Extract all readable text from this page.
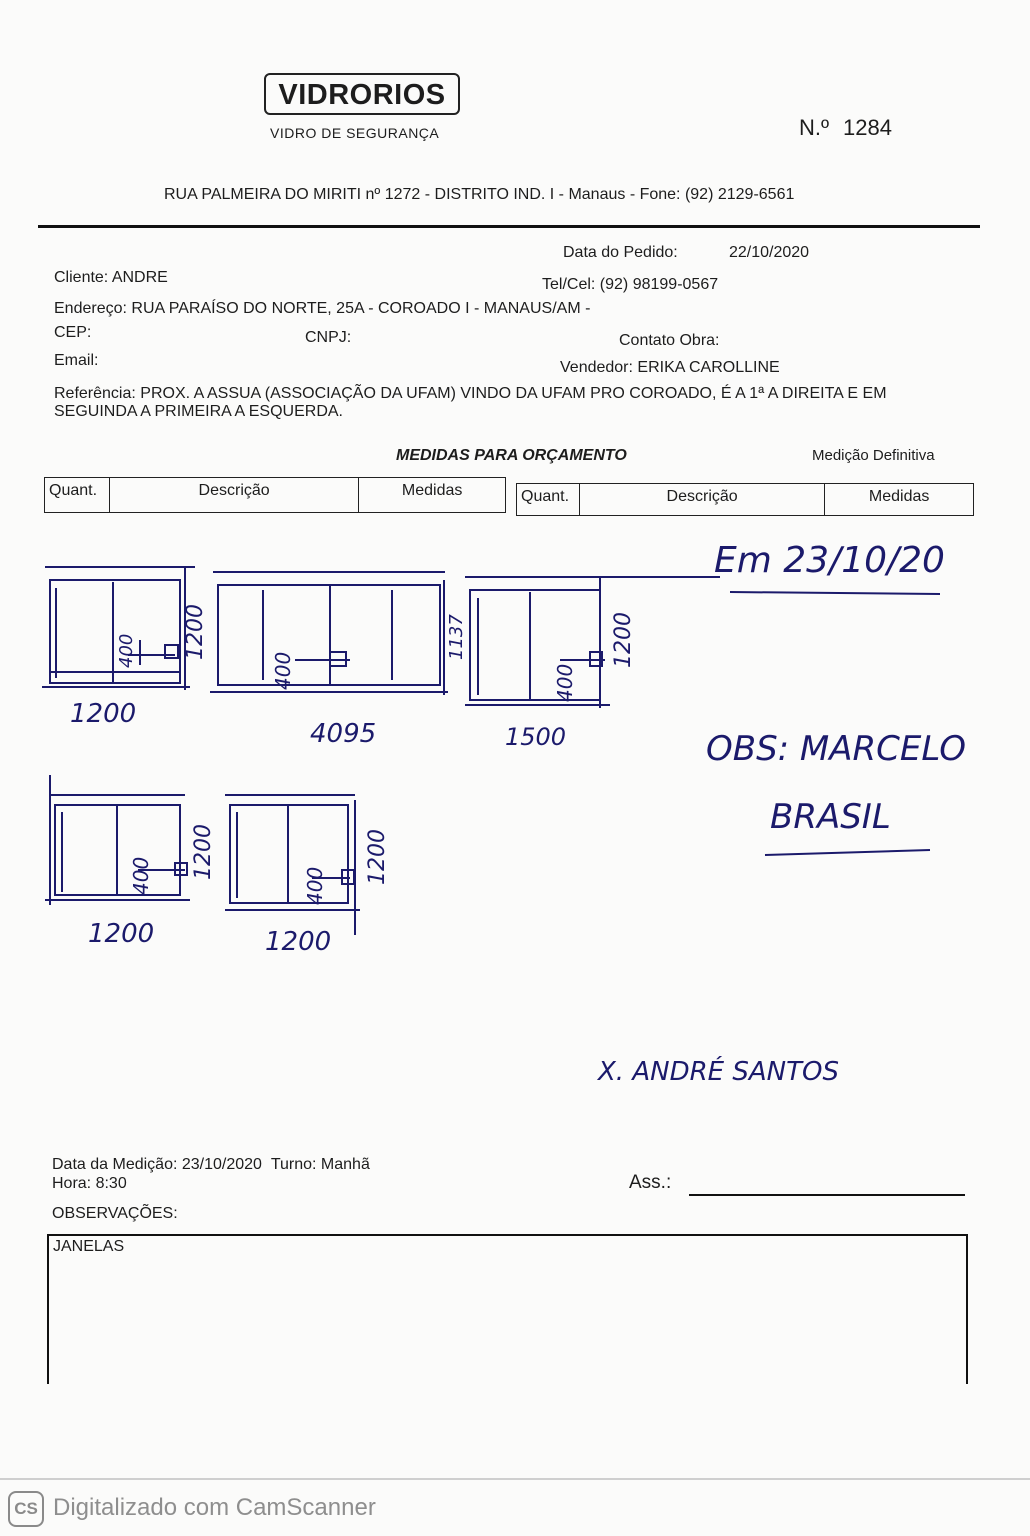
VIDRORIOS
VIDRO DE SEGURANÇA	N.º 1284
RUA PALMEIRA DO MIRITI nº 1272 - DISTRITO IND. I - Manaus - Fone: (92) 2129-6561
Data do Pedido:	22/10/2020
Cliente: ANDRE	Tel/Cel: (92) 98199-0567
Endereço: RUA PARAÍSO DO NORTE, 25A - COROADO I - MANAUS/AM -
CEP:	CNPJ:	Contato Obra:
Email:	Vendedor: ERIKA CAROLLINE
Referência: PROX. A ASSUA (ASSOCIAÇÃO DA UFAM) VINDO DA UFAM PRO COROADO, É A 1ª A DIREITA E EM SEGUINDA A PRIMEIRA A ESQUERDA.
MEDIDAS PARA ORÇAMENTO	Medição Definitiva
Quant.	Descrição	Medidas	Quant.	Descrição	Medidas
Em 23/10/20
1200
4095	1500
1200	1200
OBS: MARCELO
BRASIL
X. ANDRÉ SANTOS
1200
400	1137
400
1200
400
1200
400	1200
400
Data da Medição: 23/10/2020 Turno: Manhã
Hora: 8:30	Ass.:
OBSERVAÇÕES:
JANELAS
CS Digitalizado com CamScanner
